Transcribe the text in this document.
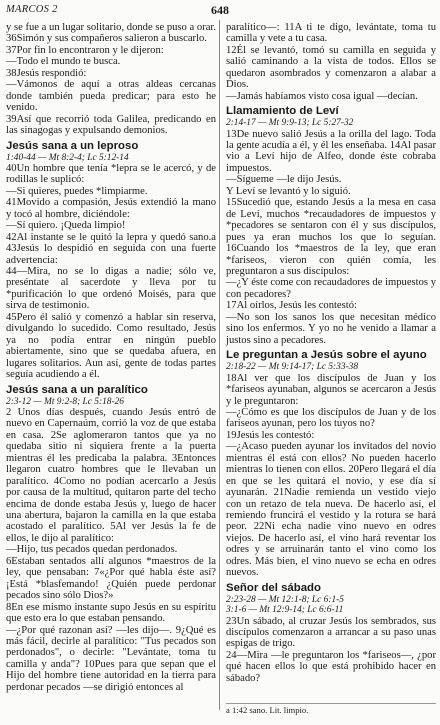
MARCOS 2	648

y se fue a un lugar solitario, donde se puso a orar. 36Simón y sus compañeros salieron a buscarlo.

37Por fin lo encontraron y le dijeron:

—Todo el mundo te busca.

38Jesús respondió:

—Vámonos de aquí a otras aldeas cercanas donde también pueda predicar; para esto he venido.

39Así que recorrió toda Galilea, predicando en las sinagogas y expulsando demonios.

Jesús sana a un leproso

1:40-44 — Mt 8:2-4; Lc 5:12-14

40Un hombre que tenía *lepra se le acercó, y de rodillas le suplicó:

—Si quieres, puedes *limpiarme.

41Movido a compasión, Jesús extendió la mano y tocó al hombre, diciéndole:

—Sí quiero. ¡Queda limpio!

42Al instante se le quitó la lepra y quedó sano.a 43Jesús lo despidió en seguida con una fuerte advertencia:

44—Mira, no se lo digas a nadie; sólo ve, preséntate al sacerdote y lleva por tu *purificación lo que ordenó Moisés, para que sirva de testimonio.

45Pero él salió y comenzó a hablar sin reserva, divulgando lo sucedido. Como resultado, Jesús ya no podía entrar en ningún pueblo abiertamente, sino que se quedaba afuera, en lugares solitarios. Aun así, gente de todas partes seguía acudiendo a él.

Jesús sana a un paralítico

2:3-12 — Mt 9:2-8; Lc 5:18-26

2 Unos días después, cuando Jesús entró de nuevo en Capernaúm, corrió la voz de que estaba en casa. 2Se aglomeraron tantos que ya no quedaba sitio ni siquiera frente a la puerta mientras él les predicaba la palabra. 3Entonces llegaron cuatro hombres que le llevaban un paralítico. 4Como no podían acercarlo a Jesús por causa de la multitud, quitaron parte del techo encima de donde estaba Jesús y, luego de hacer una abertura, bajaron la camilla en la que estaba acostado el paralítico. 5Al ver Jesús la fe de ellos, le dijo al paralítico:

—Hijo, tus pecados quedan perdonados.

6Estaban sentados allí algunos *maestros de la ley, que pensaban: 7«¿Por qué habla éste así? ¡Está *blasfemando! ¿Quién puede perdonar pecados sino sólo Dios?»

8En ese mismo instante supo Jesús en su espíritu que esto era lo que estaban pensando.

—¿Por qué razonan así? —les dijo—. 9¿Qué es más fácil, decirle al paralítico: "Tus pecados son perdonados", o decirle: "Levántate, toma tu camilla y anda"? 10Pues para que sepan que el Hijo del hombre tiene autoridad en la tierra para perdonar pecados —se dirigió entonces al

paralítico—: 11A ti te digo, levántate, toma tu camilla y vete a tu casa.

12Él se levantó, tomó su camilla en seguida y salió caminando a la vista de todos. Ellos se quedaron asombrados y comenzaron a alabar a Dios.

—Jamás habíamos visto cosa igual —decían.

Llamamiento de Leví

2:14-17 — Mt 9:9-13; Lc 5:27-32

13De nuevo salió Jesús a la orilla del lago. Toda la gente acudía a él, y él les enseñaba. 14Al pasar vio a Leví hijo de Alfeo, donde éste cobraba impuestos.

—Sígueme —le dijo Jesús.

Y Leví se levantó y lo siguió.

15Sucedió que, estando Jesús a la mesa en casa de Leví, muchos *recaudadores de impuestos y *pecadores se sentaron con él y sus discípulos, pues ya eran muchos los que lo seguían. 16Cuando los *maestros de la ley, que eran *fariseos, vieron con quién comía, les preguntaron a sus discípulos:

—¿Y éste come con recaudadores de impuestos y con pecadores?

17Al oírlos, Jesús les contestó:

—No son los sanos los que necesitan médico sino los enfermos. Y yo no he venido a llamar a justos sino a pecadores.

Le preguntan a Jesús sobre el ayuno

2:18-22 — Mt 9:14-17; Lc 5:33-38

18Al ver que los discípulos de Juan y los *fariseos ayunaban, algunos se acercaron a Jesús y le preguntaron:

—¿Cómo es que los discípulos de Juan y de los fariseos ayunan, pero los tuyos no?

19Jesús les contestó:

—¿Acaso pueden ayunar los invitados del novio mientras él está con ellos? No pueden hacerlo mientras lo tienen con ellos. 20Pero llegará el día en que se les quitará el novio, y ese día sí ayunarán. 21Nadie remienda un vestido viejo con un retazo de tela nueva. De hacerlo así, el remiendo fruncirá el vestido y la rotura se hará peor. 22Ni echa nadie vino nuevo en odres viejos. De hacerlo así, el vino hará reventar los odres y se arruinarán tanto el vino como los odres. Más bien, el vino nuevo se echa en odres nuevos.

Señor del sábado

2:23-28 — Mt 12:1-8; Lc 6:1-5

3:1-6 — Mt 12:9-14; Lc 6:6-11

23Un sábado, al cruzar Jesús los sembrados, sus discípulos comenzaron a arrancar a su paso unas espigas de trigo.

24—Mira —le preguntaron los *fariseos—, ¿por qué hacen ellos lo que está prohibido hacer en sábado?

a 1:42 sano. Lit. limpio.
